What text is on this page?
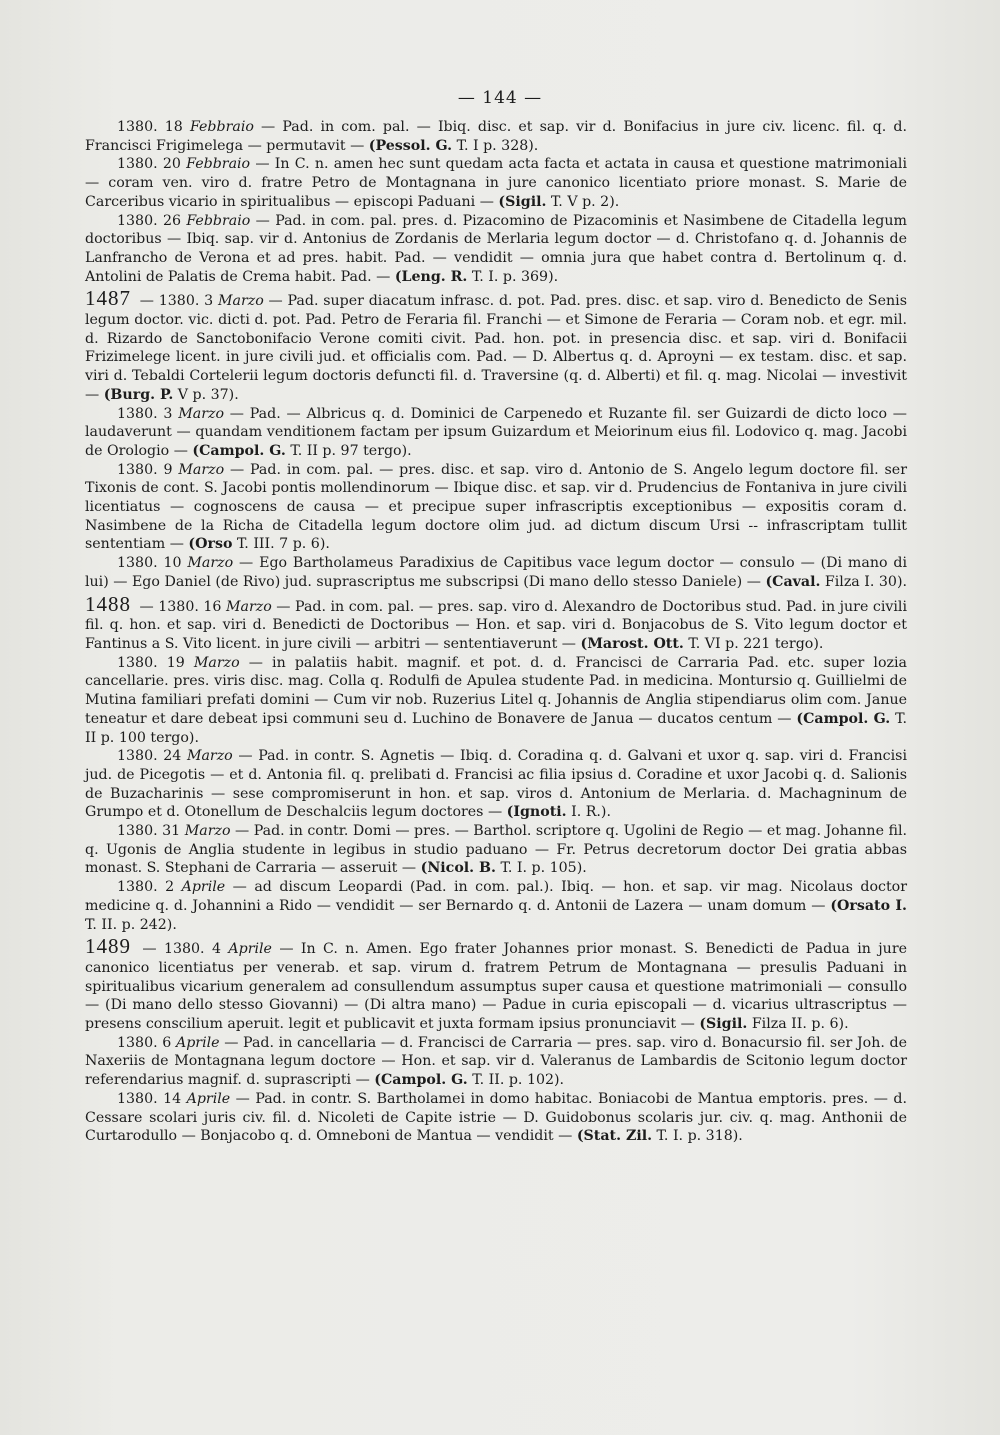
— 144 —

1380. 18 Febbraio — Pad. in com. pal. — Ibiq. disc. et sap. vir d. Bonifacius in jure civ. licenc. fil. q. d. Francisci Frigimelega — permutavit — (Pessol. G. T. I p. 328).

1380. 20 Febbraio — In C. n. amen hec sunt quedam acta facta et actata in causa et questione matrimoniali — coram ven. viro d. fratre Petro de Montagnana in jure canonico licentiato priore monast. S. Marie de Carceribus vicario in spiritualibus — episcopi Paduani — (Sigil. T. V p. 2).

1380. 26 Febbraio — Pad. in com. pal. pres. d. Pizacomino de Pizacominis et Nasimbene de Citadella legum doctoribus — Ibiq. sap. vir d. Antonius de Zordanis de Merlaria legum doctor — d. Christofano q. d. Johannis de Lanfrancho de Verona et ad pres. habit. Pad. — vendidit — omnia jura que habet contra d. Bertolinum q. d. Antolini de Palatis de Crema habit. Pad. — (Leng. R. T. I. p. 369).

1487 — 1380. 3 Marzo — Pad. super diacatum infrasc. d. pot. Pad. pres. disc. et sap. viro d. Benedicto de Senis legum doctor. vic. dicti d. pot. Pad. Petro de Feraria fil. Franchi — et Simone de Feraria — Coram nob. et egr. mil. d. Rizardo de Sanctobonifacio Verone comiti civit. Pad. hon. pot. in presencia disc. et sap. viri d. Bonifacii Frizimelege licent. in jure civili jud. et officialis com. Pad. — D. Albertus q. d. Aproyni — ex testam. disc. et sap. viri d. Tebaldi Cortelerii legum doctoris defuncti fil. d. Traversine (q. d. Alberti) et fil. q. mag. Nicolai — investivit — (Burg. P. V p. 37).

1380. 3 Marzo — Pad. — Albricus q. d. Dominici de Carpenedo et Ruzante fil. ser Guizardi de dicto loco — laudaverunt — quandam venditionem factam per ipsum Guizardum et Meiorinum eius fil. Lodovico q. mag. Jacobi de Orologio — (Campol. G. T. II p. 97 tergo).

1380. 9 Marzo — Pad. in com. pal. — pres. disc. et sap. viro d. Antonio de S. Angelo legum doctore fil. ser Tixonis de cont. S. Jacobi pontis mollendinorum — Ibique disc. et sap. vir d. Prudencius de Fontaniva in jure civili licentiatus — cognoscens de causa — et precipue super infrascriptis exceptionibus — expositis coram d. Nasimbene de la Richa de Citadella legum doctore olim jud. ad dictum discum Ursi -- infrascriptam tullit sententiam — (Orso T. III. 7 p. 6).

1380. 10 Marzo — Ego Bartholameus Paradixius de Capitibus vace legum doctor — consulo — (Di mano di lui) — Ego Daniel (de Rivo) jud. suprascriptus me subscripsi (Di mano dello stesso Daniele) — (Caval. Filza I. 30).

1488 — 1380. 16 Marzo — Pad. in com. pal. — pres. sap. viro d. Alexandro de Doctoribus stud. Pad. in jure civili fil. q. hon. et sap. viri d. Benedicti de Doctoribus — Hon. et sap. viri d. Bonjacobus de S. Vito legum doctor et Fantinus a S. Vito licent. in jure civili — arbitri — sententiaverunt — (Marost. Ott. T. VI p. 221 tergo).

1380. 19 Marzo — in palatiis habit. magnif. et pot. d. d. Francisci de Carraria Pad. etc. super lozia cancellarie. pres. viris disc. mag. Colla q. Rodulfi de Apulea studente Pad. in medicina. Montursio q. Guillielmi de Mutina familiari prefati domini — Cum vir nob. Ruzerius Litel q. Johannis de Anglia stipendiarus olim com. Janue teneatur et dare debeat ipsi communi seu d. Luchino de Bonavere de Janua — ducatos centum — (Campol. G. T. II p. 100 tergo).

1380. 24 Marzo — Pad. in contr. S. Agnetis — Ibiq. d. Coradina q. d. Galvani et uxor q. sap. viri d. Francisi jud. de Picegotis — et d. Antonia fil. q. prelibati d. Francisi ac filia ipsius d. Coradine et uxor Jacobi q. d. Salionis de Buzacharinis — sese compromiserunt in hon. et sap. viros d. Antonium de Merlaria. d. Machagninum de Grumpo et d. Otonellum de Deschalciis legum doctores — (Ignoti. I. R.).

1380. 31 Marzo — Pad. in contr. Domi — pres. — Barthol. scriptore q. Ugolini de Regio — et mag. Johanne fil. q. Ugonis de Anglia studente in legibus in studio paduano — Fr. Petrus decretorum doctor Dei gratia abbas monast. S. Stephani de Carraria — asseruit — (Nicol. B. T. I. p. 105).

1380. 2 Aprile — ad discum Leopardi (Pad. in com. pal.). Ibiq. — hon. et sap. vir mag. Nicolaus doctor medicine q. d. Johannini a Rido — vendidit — ser Bernardo q. d. Antonii de Lazera — unam domum — (Orsato I. T. II. p. 242).

1489 — 1380. 4 Aprile — In C. n. Amen. Ego frater Johannes prior monast. S. Benedicti de Padua in jure canonico licentiatus per venerab. et sap. virum d. fratrem Petrum de Montagnana — presulis Paduani in spiritualibus vicarium generalem ad consullendum assumptus super causa et questione matrimoniali — consullo — (Di mano dello stesso Giovanni) — (Di altra mano) — Padue in curia episcopali — d. vicarius ultrascriptus — presens conscilium aperuit. legit et publicavit et juxta formam ipsius pronunciavit — (Sigil. Filza II. p. 6).

1380. 6 Aprile — Pad. in cancellaria — d. Francisci de Carraria — pres. sap. viro d. Bonacursio fil. ser Joh. de Naxeriis de Montagnana legum doctore — Hon. et sap. vir d. Valeranus de Lambardis de Scitonio legum doctor referendarius magnif. d. suprascripti — (Campol. G. T. II. p. 102).

1380. 14 Aprile — Pad. in contr. S. Bartholamei in domo habitac. Boniacobi de Mantua emptoris. pres. — d. Cessare scolari juris civ. fil. d. Nicoleti de Capite istrie — D. Guidobonus scolaris jur. civ. q. mag. Anthonii de Curtarodullo — Bonjacobo q. d. Omneboni de Mantua — vendidit — (Stat. Zil. T. I. p. 318).
